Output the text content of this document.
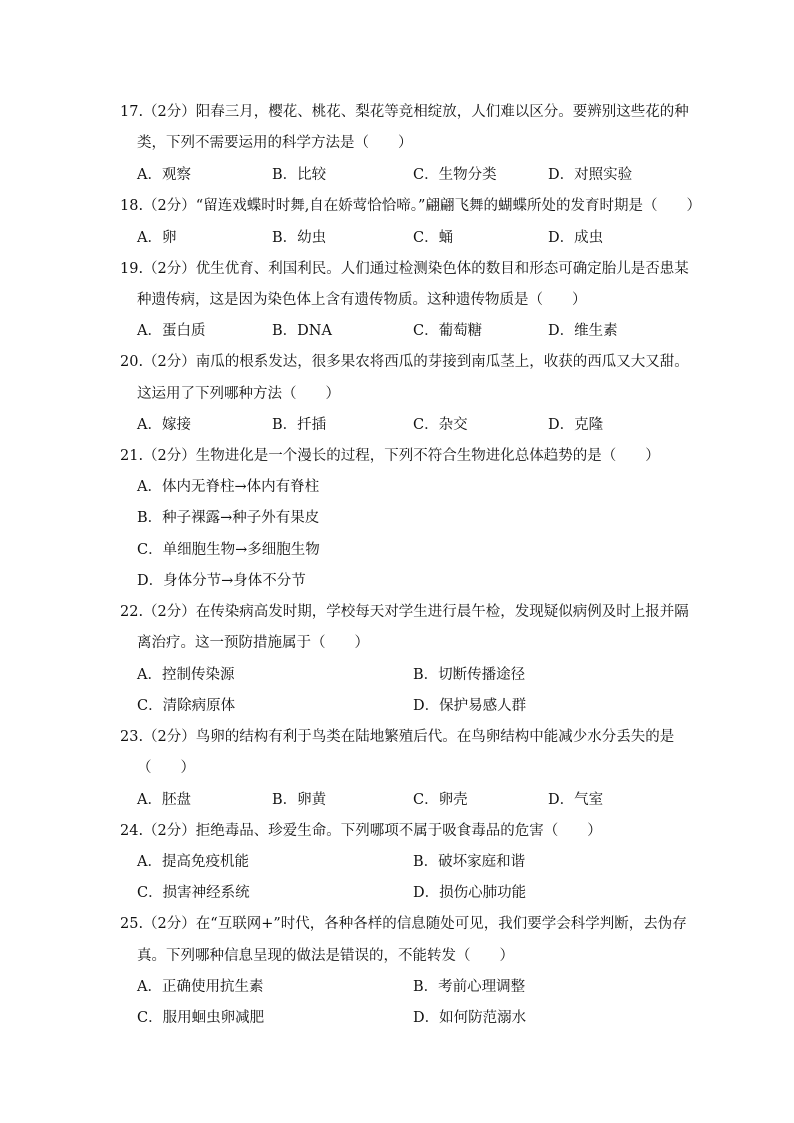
17.（2分）阳春三月，樱花、桃花、梨花等竞相绽放，人们难以区分。要辨别这些花的种
类，下列不需要运用的科学方法是（　　）
A．观察	B．比较	C．生物分类	D．对照实验
18.（2分）“留连戏蝶时时舞,自在娇莺恰恰啼。”翩翩飞舞的蝴蝶所处的发育时期是（　　）
A．卵	B．幼虫	C．蛹	D．成虫
19.（2分）优生优育、利国利民。人们通过检测染色体的数目和形态可确定胎儿是否患某
种遗传病，这是因为染色体上含有遗传物质。这种遗传物质是（　　）
A．蛋白质	B．DNA	C．葡萄糖	D．维生素
20.（2分）南瓜的根系发达，很多果农将西瓜的芽接到南瓜茎上，收获的西瓜又大又甜。
这运用了下列哪种方法（　　）
A．嫁接	B．扦插	C．杂交	D．克隆
21.（2分）生物进化是一个漫长的过程，下列不符合生物进化总体趋势的是（　　）
A．体内无脊柱→体内有脊柱
B．种子裸露→种子外有果皮
C．单细胞生物→多细胞生物
D．身体分节→身体不分节
22.（2分）在传染病高发时期，学校每天对学生进行晨午检，发现疑似病例及时上报并隔
离治疗。这一预防措施属于（　　）
A．控制传染源	B．切断传播途径
C．清除病原体	D．保护易感人群
23.（2分）鸟卵的结构有利于鸟类在陆地繁殖后代。在鸟卵结构中能减少水分丢失的是
（　　）
A．胚盘	B．卵黄	C．卵壳	D．气室
24.（2分）拒绝毒品、珍爱生命。下列哪项不属于吸食毒品的危害（　　）
A．提高免疫机能	B．破坏家庭和谐
C．损害神经系统	D．损伤心肺功能
25.（2分）在“互联网+”时代，各种各样的信息随处可见，我们要学会科学判断，去伪存
真。下列哪种信息呈现的做法是错误的，不能转发（　　）
A．正确使用抗生素	B．考前心理调整
C．服用蛔虫卵减肥	D．如何防范溺水
